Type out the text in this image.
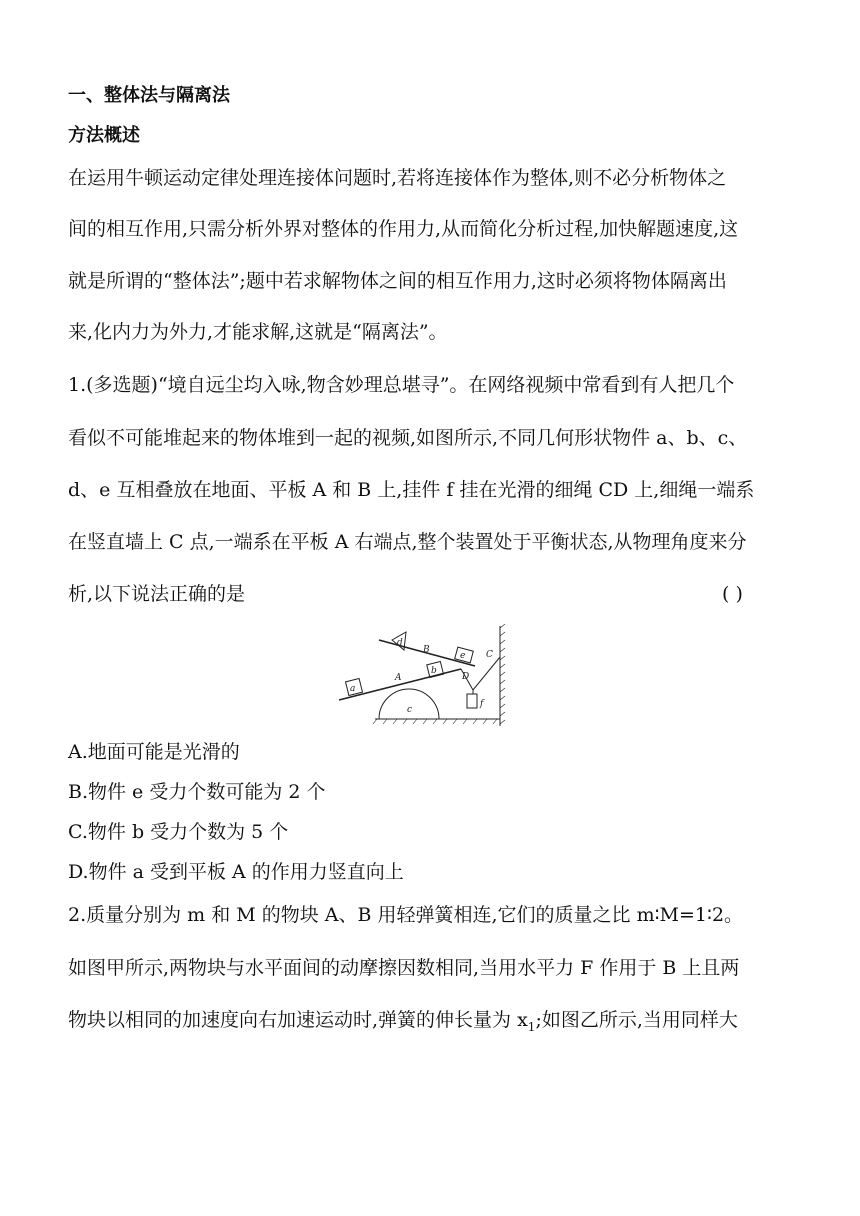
一、整体法与隔离法
方法概述
在运用牛顿运动定律处理连接体问题时,若将连接体作为整体,则不必分析物体之
间的相互作用,只需分析外界对整体的作用力,从而简化分析过程,加快解题速度,这
就是所谓的“整体法”;题中若求解物体之间的相互作用力,这时必须将物体隔离出
来,化内力为外力,才能求解,这就是“隔离法”。
1.(多选题)“境自远尘均入咏,物含妙理总堪寻”。在网络视频中常看到有人把几个
看似不可能堆起来的物体堆到一起的视频,如图所示,不同几何形状物件 a、b、c、
d、e 互相叠放在地面、平板 A 和 B 上,挂件 f 挂在光滑的细绳 CD 上,细绳一端系
在竖直墙上 C 点,一端系在平板 A 右端点,整个装置处于平衡状态,从物理角度来分
析,以下说法正确的是	( )
a
b
c
d
e
f
A
B	C
D
A.地面可能是光滑的
B.物件 e 受力个数可能为 2 个
C.物件 b 受力个数为 5 个
D.物件 a 受到平板 A 的作用力竖直向上
2.质量分别为 m 和 M 的物块 A、B 用轻弹簧相连,它们的质量之比 m∶M=1∶2。
如图甲所示,两物块与水平面间的动摩擦因数相同,当用水平力 F 作用于 B 上且两
物块以相同的加速度向右加速运动时,弹簧的伸长量为 $x_1$;如图乙所示,当用同样大
